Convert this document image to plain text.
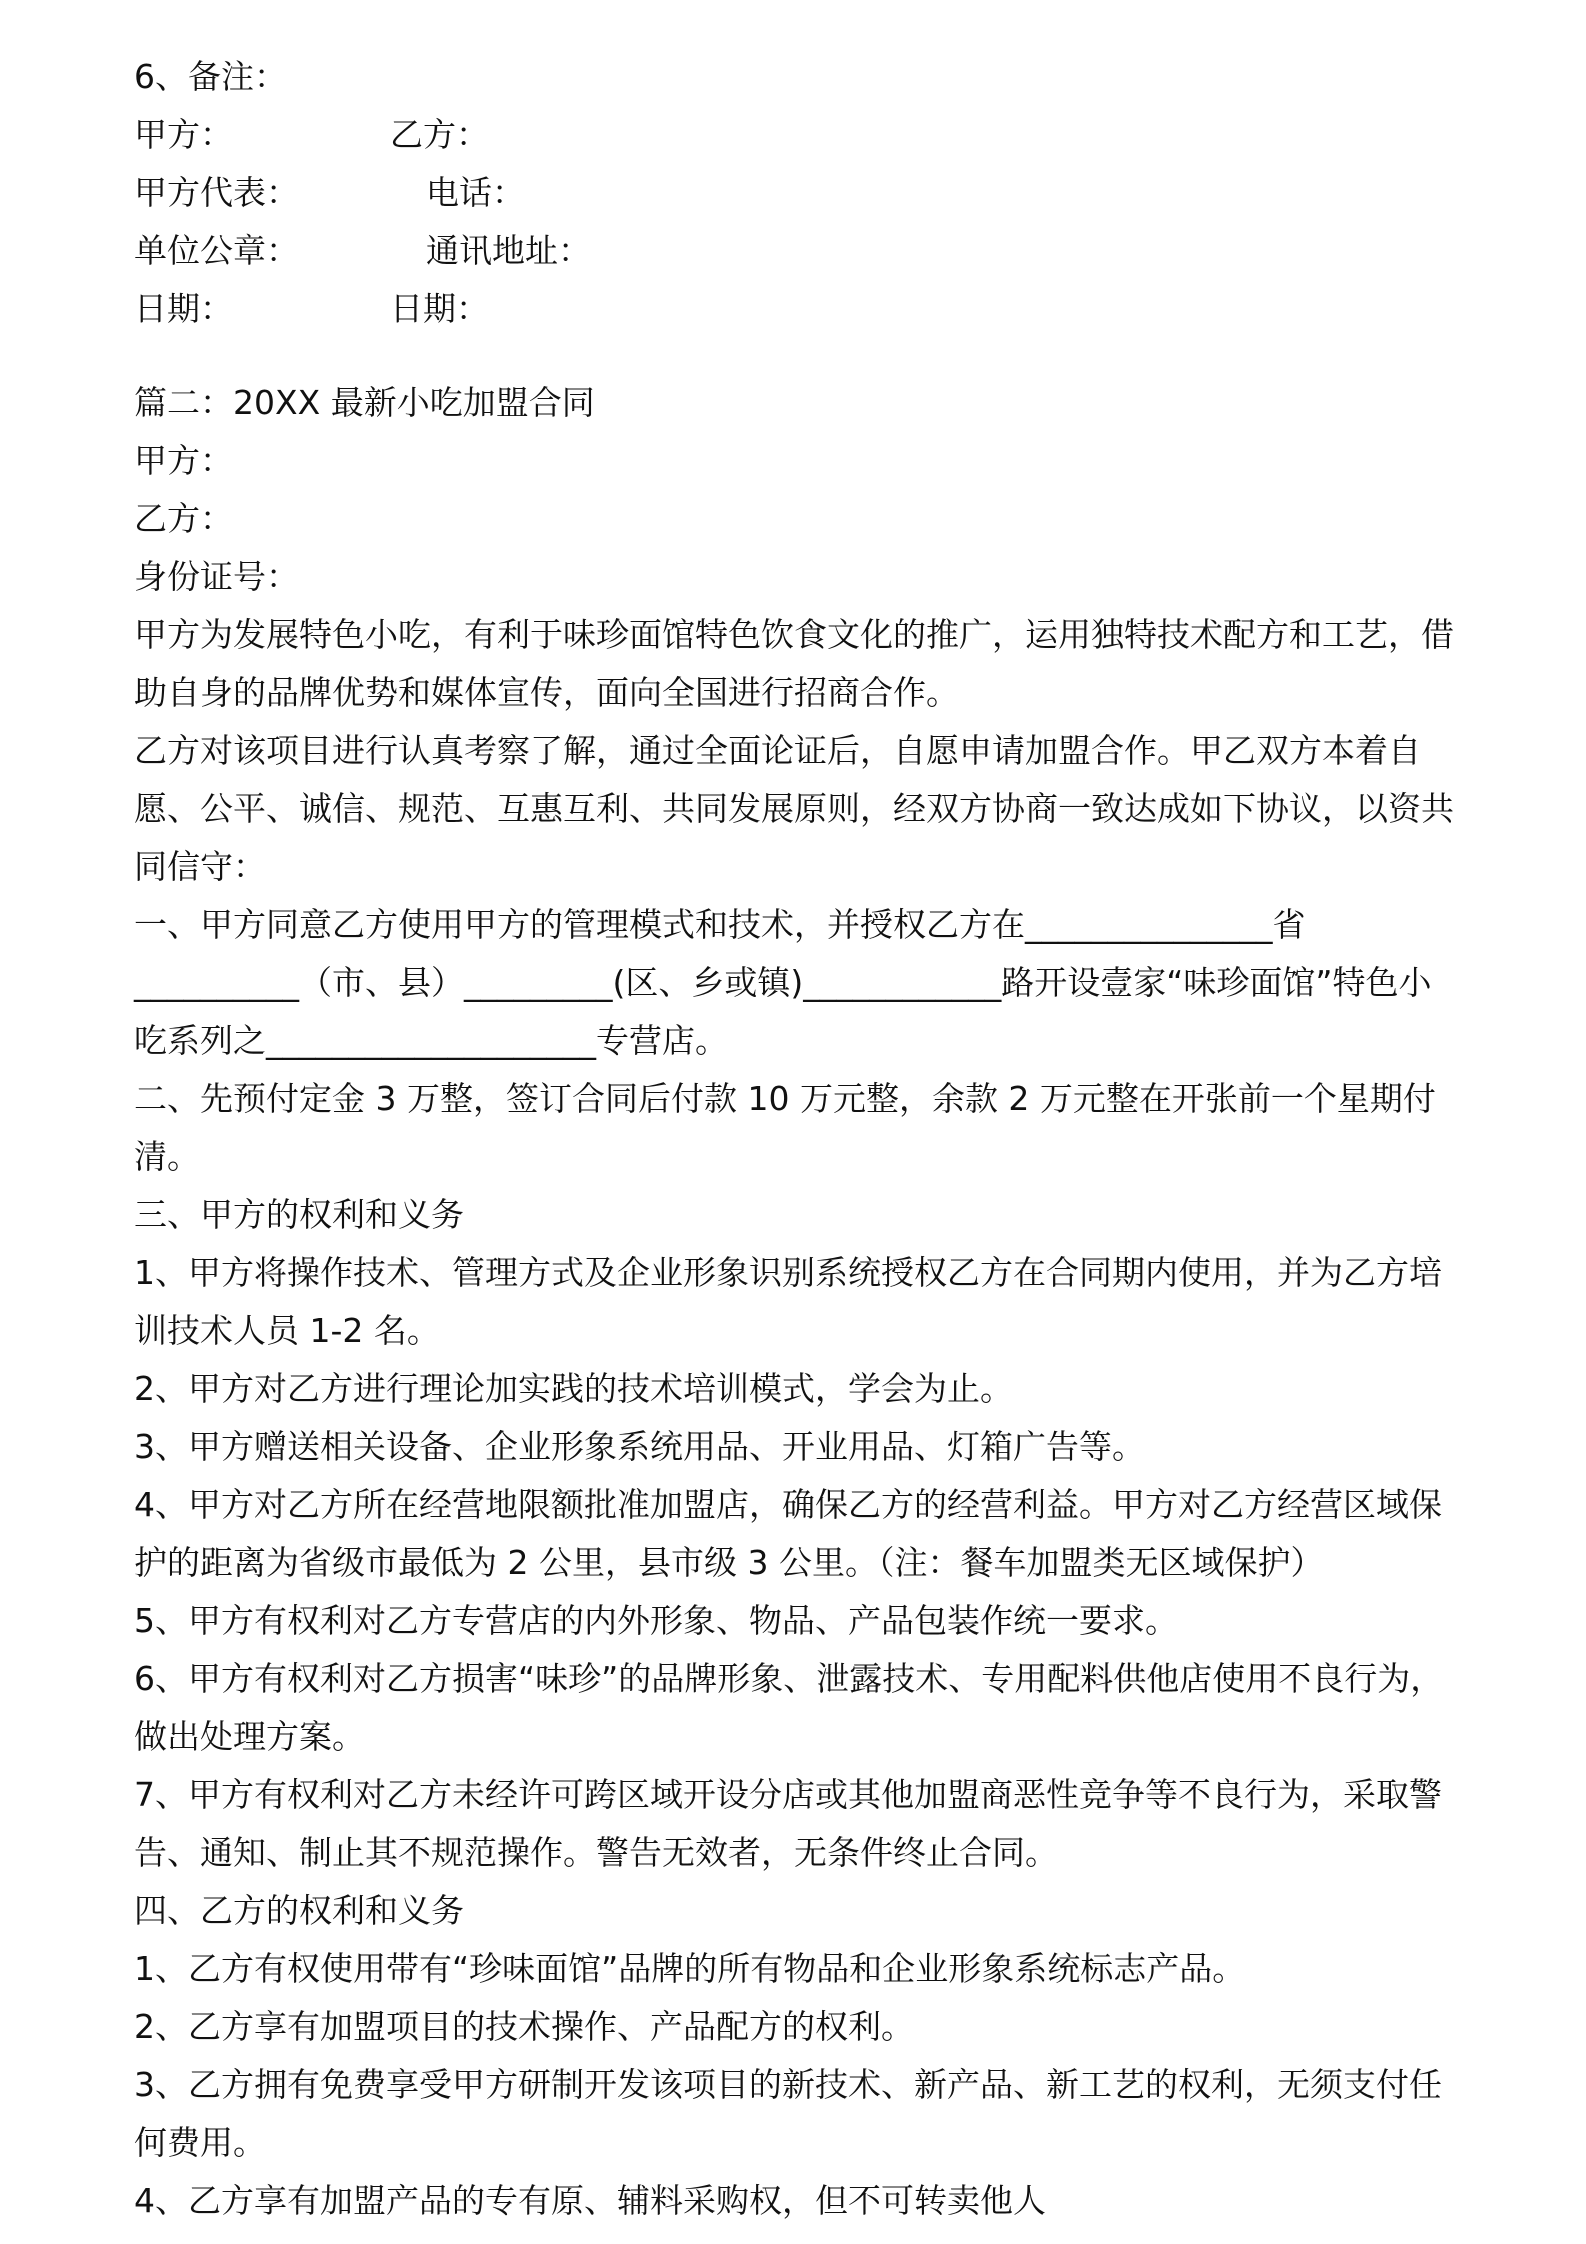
6、备注：
甲方：	乙方：
甲方代表：	电话：
单位公章：	通讯地址：
日期：	日期：
篇二：20XX 最新小吃加盟合同
甲方：
乙方：
身份证号：

甲方为发展特色小吃，有利于味珍面馆特色饮食文化的推广，运用独特技术配方和工艺，借助自身的品牌优势和媒体宣传，面向全国进行招商合作。

乙方对该项目进行认真考察了解，通过全面论证后，自愿申请加盟合作。甲乙双方本着自愿、公平、诚信、规范、互惠互利、共同发展原则，经双方协商一致达成如下协议，以资共同信守：

一、甲方同意乙方使用甲方的管理模式和技术，并授权乙方在_______________省__________（市、县）_________(区、乡或镇)____________路开设壹家“味珍面馆”特色小吃系列之____________________专营店。

二、先预付定金 3 万整，签订合同后付款 10 万元整，余款 2 万元整在开张前一个星期付清。

三、甲方的权利和义务

1、甲方将操作技术、管理方式及企业形象识别系统授权乙方在合同期内使用，并为乙方培训技术人员 1-2 名。

2、甲方对乙方进行理论加实践的技术培训模式，学会为止。

3、甲方赠送相关设备、企业形象系统用品、开业用品、灯箱广告等。

4、甲方对乙方所在经营地限额批准加盟店，确保乙方的经营利益。甲方对乙方经营区域保护的距离为省级市最低为 2 公里，县市级 3 公里。（注：餐车加盟类无区域保护）

5、甲方有权利对乙方专营店的内外形象、物品、产品包装作统一要求。

6、甲方有权利对乙方损害“味珍”的品牌形象、泄露技术、专用配料供他店使用不良行为，做出处理方案。

7、甲方有权利对乙方未经许可跨区域开设分店或其他加盟商恶性竞争等不良行为，采取警告、通知、制止其不规范操作。警告无效者，无条件终止合同。

四、乙方的权利和义务

1、乙方有权使用带有“珍味面馆”品牌的所有物品和企业形象系统标志产品。

2、乙方享有加盟项目的技术操作、产品配方的权利。

3、乙方拥有免费享受甲方研制开发该项目的新技术、新产品、新工艺的权利，无须支付任何费用。

4、乙方享有加盟产品的专有原、辅料采购权，但不可转卖他人
